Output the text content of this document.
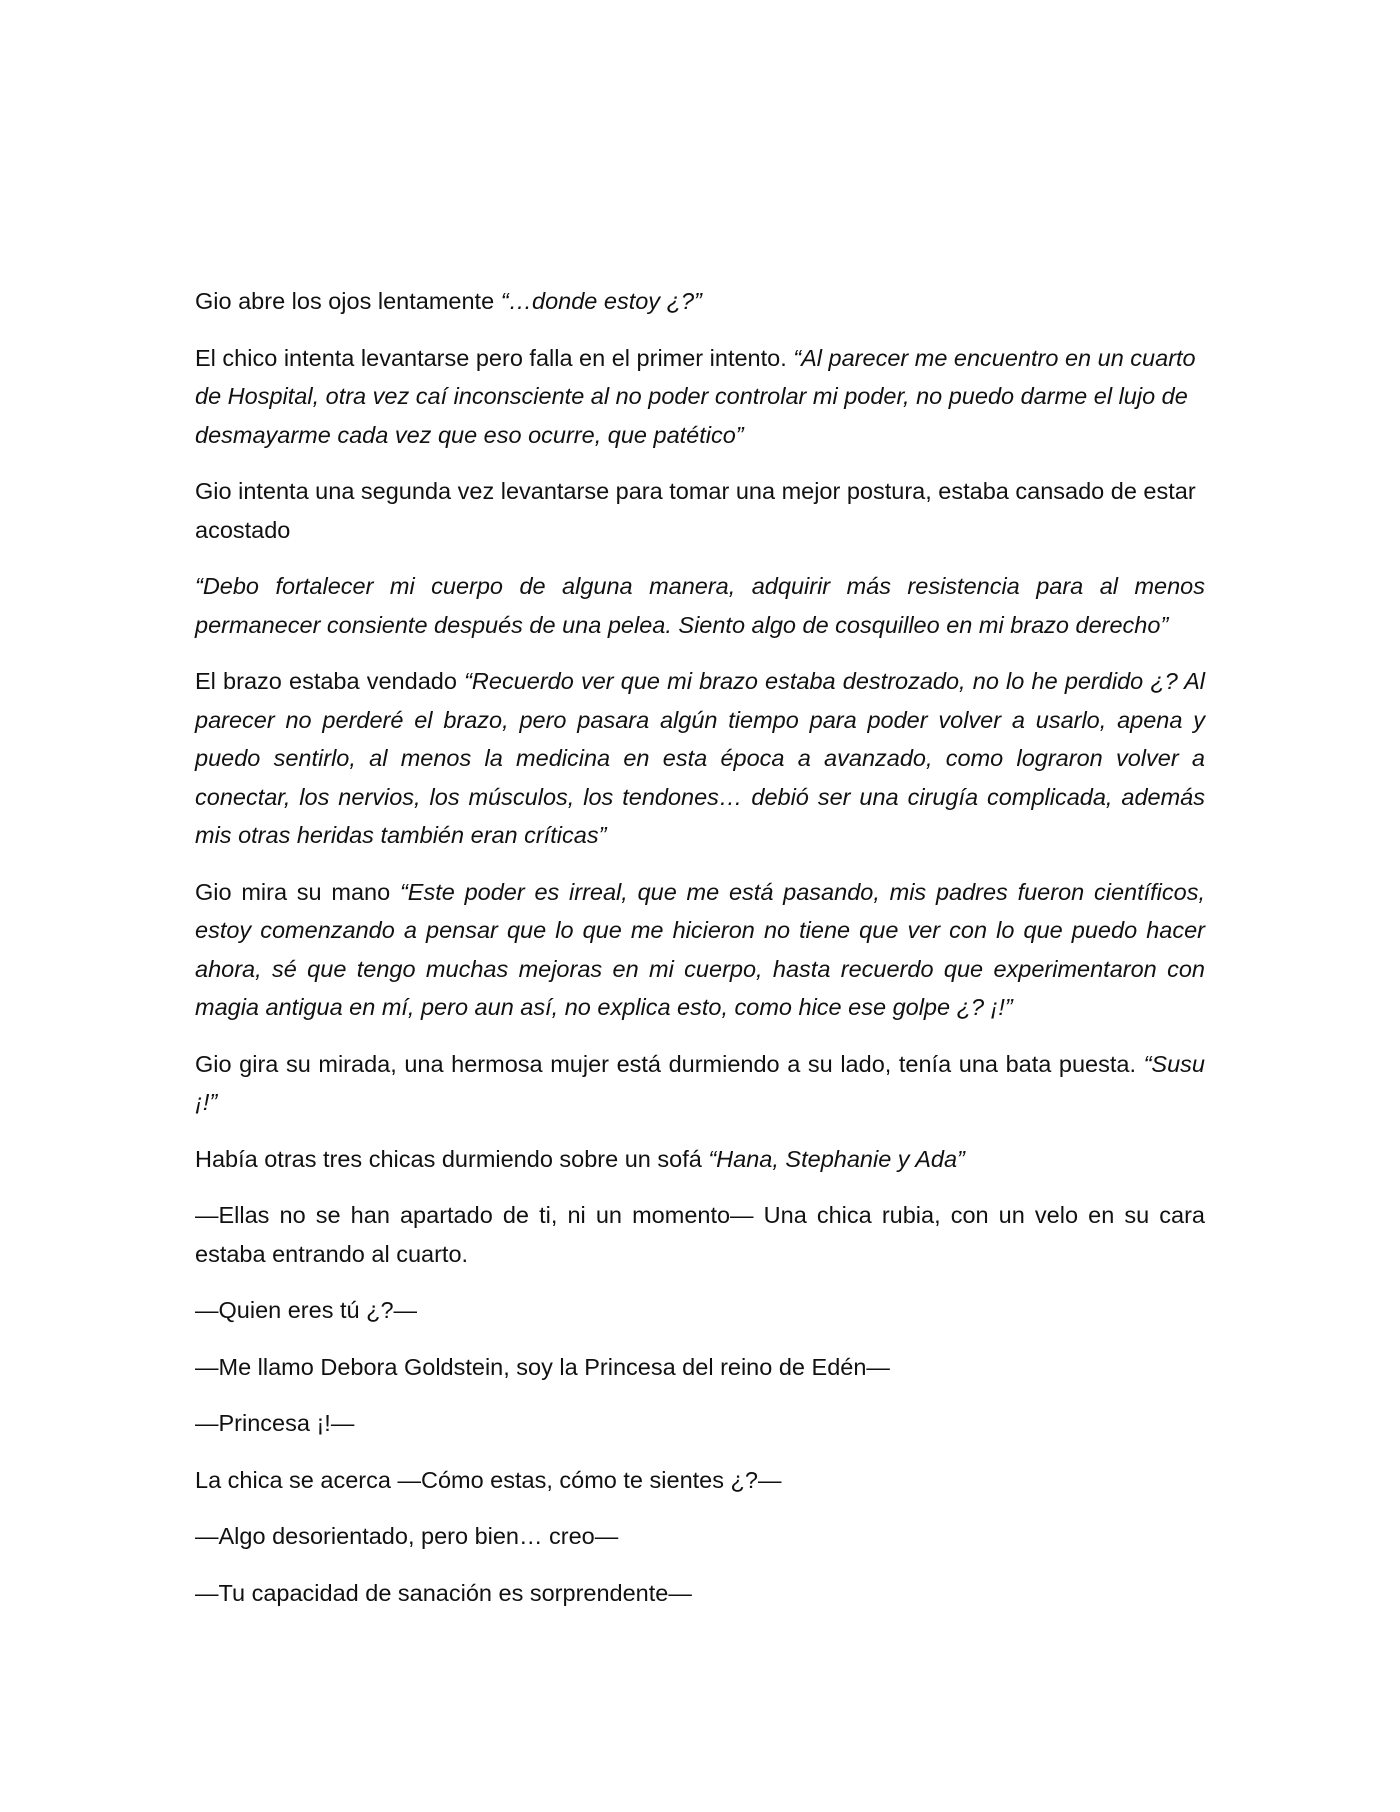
Gio abre los ojos lentamente “…donde estoy ¿?”

El chico intenta levantarse pero falla en el primer intento. “Al parecer me encuentro en un cuarto de Hospital, otra vez caí inconsciente al no poder controlar mi poder, no puedo darme el lujo de desmayarme cada vez que eso ocurre, que patético”

Gio intenta una segunda vez levantarse para tomar una mejor postura, estaba cansado de estar acostado

“Debo fortalecer mi cuerpo de alguna manera, adquirir más resistencia para al menos permanecer consiente después de una pelea. Siento algo de cosquilleo en mi brazo derecho”

El brazo estaba vendado “Recuerdo ver que mi brazo estaba destrozado, no lo he perdido ¿? Al parecer no perderé el brazo, pero pasara algún tiempo para poder volver a usarlo, apena y puedo sentirlo, al menos la medicina en esta época a avanzado, como lograron volver a conectar, los nervios, los músculos, los tendones… debió ser una cirugía complicada, además mis otras heridas también eran críticas”

Gio mira su mano “Este poder es irreal, que me está pasando, mis padres fueron científicos, estoy comenzando a pensar que lo que me hicieron no tiene que ver con lo que puedo hacer ahora, sé que tengo muchas mejoras en mi cuerpo, hasta recuerdo que experimentaron con magia antigua en mí, pero aun así, no explica esto, como hice ese golpe ¿? ¡!”

Gio gira su mirada, una hermosa mujer está durmiendo a su lado, tenía una bata puesta. “Susu ¡!”

Había otras tres chicas durmiendo sobre un sofá “Hana, Stephanie y Ada”

—Ellas no se han apartado de ti, ni un momento— Una chica rubia, con un velo en su cara estaba entrando al cuarto.

—Quien eres tú ¿?—

—Me llamo Debora Goldstein, soy la Princesa del reino de Edén—

—Princesa ¡!—

La chica se acerca —Cómo estas, cómo te sientes ¿?—

—Algo desorientado, pero bien… creo—

—Tu capacidad de sanación es sorprendente—
